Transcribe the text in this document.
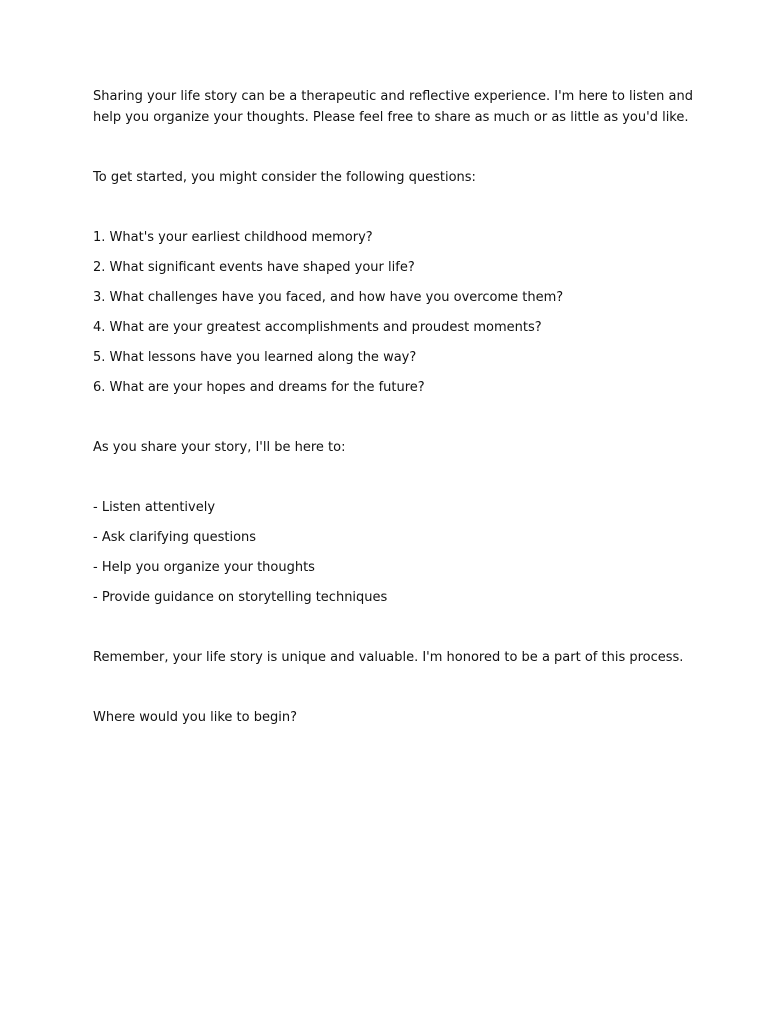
Sharing your life story can be a therapeutic and reflective experience. I'm here to listen and

help you organize your thoughts. Please feel free to share as much or as little as you'd like.

To get started, you might consider the following questions:

1. What's your earliest childhood memory?
2. What significant events have shaped your life?
3. What challenges have you faced, and how have you overcome them?
4. What are your greatest accomplishments and proudest moments?
5. What lessons have you learned along the way?
6. What are your hopes and dreams for the future?

As you share your story, I'll be here to:

- Listen attentively
- Ask clarifying questions
- Help you organize your thoughts
- Provide guidance on storytelling techniques

Remember, your life story is unique and valuable. I'm honored to be a part of this process.

Where would you like to begin?
